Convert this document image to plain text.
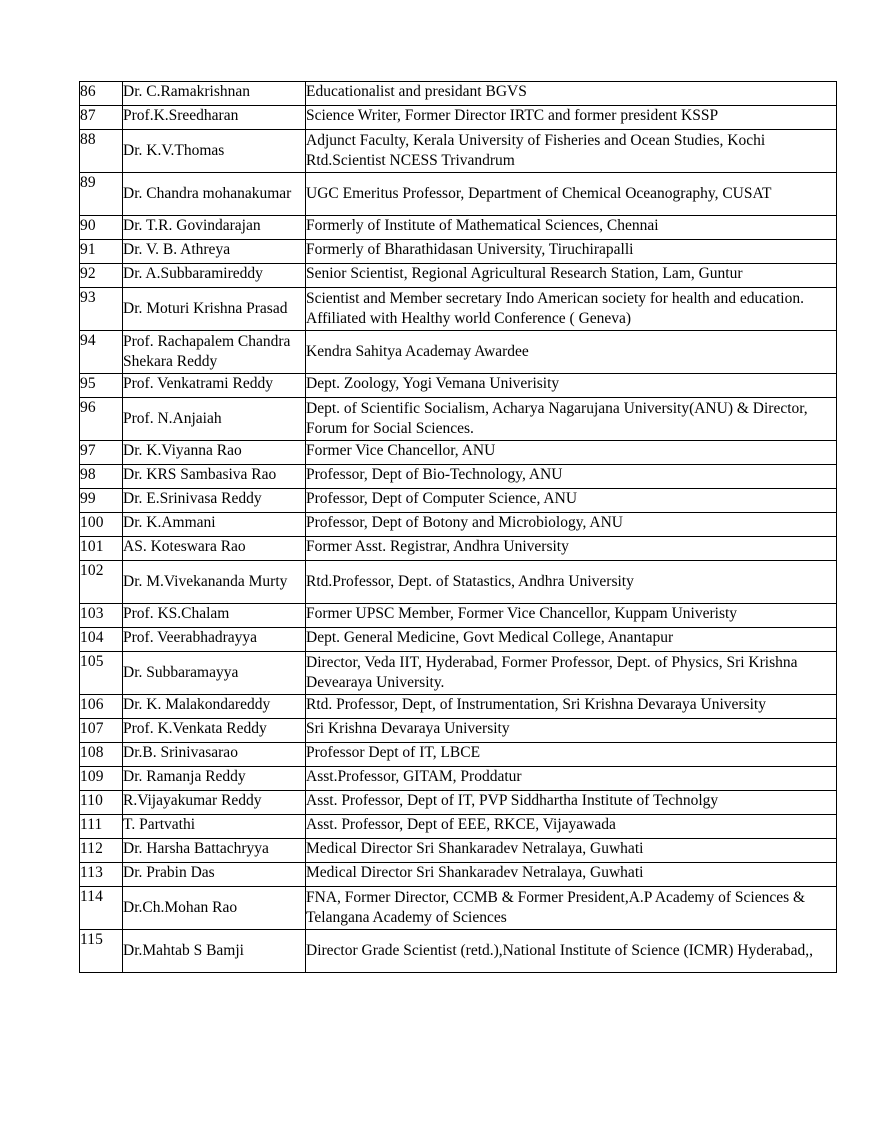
86	Dr. C.Ramakrishnan	Educationalist and presidant BGVS
87	Prof.K.Sreedharan	Science Writer, Former Director IRTC and former president KSSP
88	Dr. K.V.Thomas	Adjunct Faculty, Kerala University of Fisheries and Ocean Studies, Kochi Rtd.Scientist NCESS Trivandrum
89	Dr. Chandra mohanakumar	UGC Emeritus Professor, Department of Chemical Oceanography, CUSAT
90	Dr. T.R. Govindarajan	Formerly of Institute of Mathematical Sciences, Chennai
91	Dr. V. B. Athreya	Formerly of Bharathidasan University, Tiruchirapalli
92	Dr. A.Subbaramireddy	Senior Scientist, Regional Agricultural Research Station, Lam, Guntur
93	Dr. Moturi Krishna Prasad	Scientist and Member secretary Indo American society for health and education. Affiliated with Healthy world Conference ( Geneva)
94	Prof. Rachapalem Chandra Shekara Reddy	Kendra Sahitya Academay Awardee
95	Prof. Venkatrami Reddy	Dept. Zoology, Yogi Vemana Univerisity
96	Prof. N.Anjaiah	Dept. of Scientific Socialism, Acharya Nagarujana University(ANU) & Director, Forum for Social Sciences.
97	Dr. K.Viyanna Rao	Former Vice Chancellor, ANU
98	Dr. KRS Sambasiva Rao	Professor, Dept of Bio-Technology, ANU
99	Dr. E.Srinivasa Reddy	Professor, Dept of Computer Science, ANU
100	Dr. K.Ammani	Professor, Dept of Botony and Microbiology, ANU
101	AS. Koteswara Rao	Former Asst. Registrar, Andhra University
102	Dr. M.Vivekananda Murty	Rtd.Professor, Dept. of Statastics, Andhra University
103	Prof. KS.Chalam	Former UPSC Member, Former Vice Chancellor, Kuppam Univeristy
104	Prof. Veerabhadrayya	Dept. General Medicine, Govt Medical College, Anantapur
105	Dr. Subbaramayya	Director, Veda IIT, Hyderabad, Former Professor, Dept. of Physics, Sri Krishna Devearaya University.
106	Dr. K. Malakondareddy	Rtd. Professor, Dept, of Instrumentation, Sri Krishna Devaraya University
107	Prof. K.Venkata Reddy	Sri Krishna Devaraya University
108	Dr.B. Srinivasarao	Professor Dept of IT, LBCE
109	Dr. Ramanja Reddy	Asst.Professor, GITAM, Proddatur
110	R.Vijayakumar Reddy	Asst. Professor, Dept of IT, PVP Siddhartha Institute of Technolgy
111	T. Partvathi	Asst. Professor, Dept of EEE, RKCE, Vijayawada
112	Dr. Harsha Battachryya	Medical Director Sri Shankaradev Netralaya, Guwhati
113	Dr. Prabin Das	Medical Director Sri Shankaradev Netralaya, Guwhati
114	Dr.Ch.Mohan Rao	FNA, Former Director, CCMB & Former President,A.P Academy of Sciences & Telangana Academy of Sciences
115	Dr.Mahtab S Bamji	Director Grade Scientist (retd.),National Institute of Science (ICMR) Hyderabad,,
